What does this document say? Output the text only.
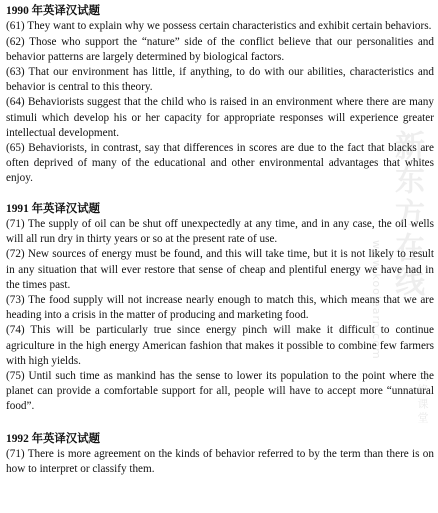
1990 年英译汉试题

(61) They want to explain why we possess certain characteristics and exhibit certain behaviors.

(62) Those who support the “nature” side of the conflict believe that our personalities and behavior patterns are largely determined by biological factors.

(63) That our environment has little, if anything, to do with our abilities, characteristics and behavior is central to this theory.

(64) Behaviorists suggest that the child who is raised in an environment where there are many stimuli which develop his or her capacity for appropriate responses will experience greater intellectual development.

(65) Behaviorists, in contrast, say that differences in scores are due to the fact that blacks are often deprived of many of the educational and other environmental advantages that whites enjoy.

1991 年英译汉试题

(71) The supply of oil can be shut off unexpectedly at any time, and in any case, the oil wells will all run dry in thirty years or so at the present rate of use.

(72) New sources of energy must be found, and this will take time, but it is not likely to result in any situation that will ever restore that sense of cheap and plentiful energy we have had in the times past.

(73) The food supply will not increase nearly enough to match this, which means that we are heading into a crisis in the matter of producing and marketing food.

(74) This will be particularly true since energy pinch will make it difficult to continue agriculture in the high energy American fashion that makes it possible to combine few farmers with high yields.

(75) Until such time as mankind has the sense to lower its population to the point where the planet can provide a comfortable support for all, people will have to accept more “unnatural food”.

1992 年英译汉试题

(71) There is more agreement on the kinds of behavior referred to by the term than there is on how to interpret or classify them.

新东方在线
www.koolearn.com
网络课堂
